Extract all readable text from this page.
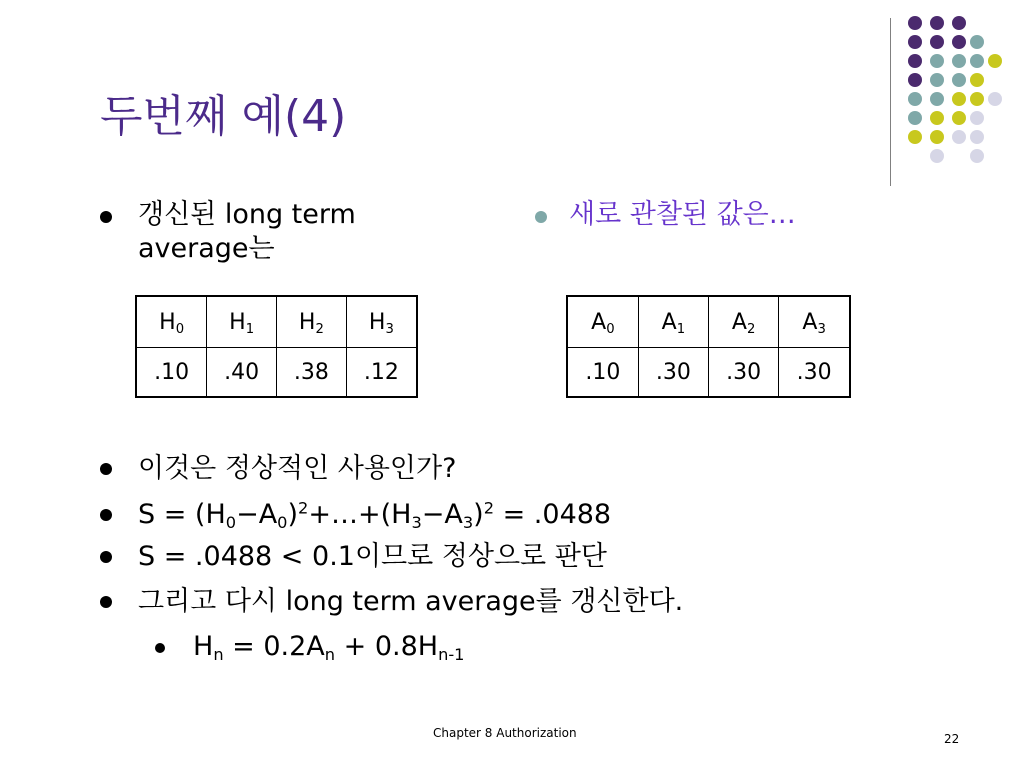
두번째 예(4)
갱신된 long term
average는
새로 관찰된 값은…
$H_0$	$H_1$	$H_2$	$H_3$
.10	.40	.38	.12
$A_0$	$A_1$	$A_2$	$A_3$
.10	.30	.30	.30
이것은 정상적인 사용인가?
$S = (H_0-A_0)^2+\dots+(H_3-A_3)^2 = .0488$
S = .0488 < 0.1이므로 정상으로 판단
그리고 다시 long term average를 갱신한다.
$H_n = 0.2A_n + 0.8H_{n-1}$
Chapter 8 Authorization	22
